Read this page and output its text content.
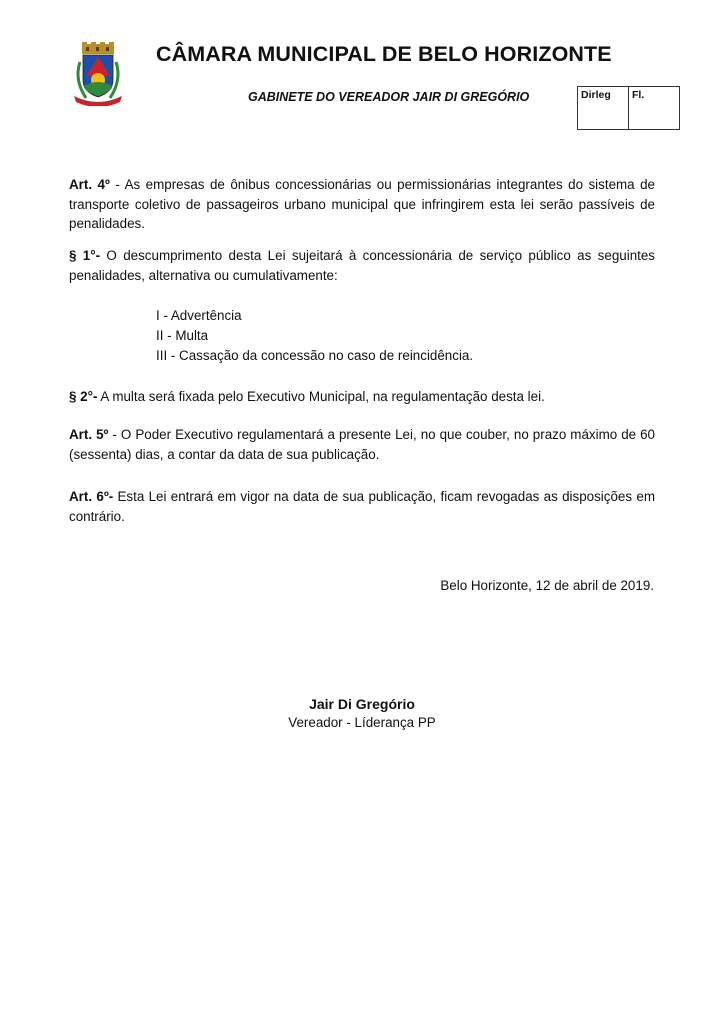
CÂMARA MUNICIPAL DE BELO HORIZONTE
GABINETE DO VEREADOR JAIR DI GREGÓRIO	Dirleg	Fl.
Art. 4º - As empresas de ônibus concessionárias ou permissionárias integrantes do sistema de transporte coletivo de passageiros urbano municipal que infringirem esta lei serão passíveis de penalidades.
§ 1°- O descumprimento desta Lei sujeitará à concessionária de serviço público as seguintes penalidades, alternativa ou cumulativamente:
I - Advertência
II - Multa
III - Cassação da concessão no caso de reincidência.
§ 2°- A multa será fixada pelo Executivo Municipal, na regulamentação desta lei.
Art. 5º - O Poder Executivo regulamentará a presente Lei, no que couber, no prazo máximo de 60 (sessenta) dias, a contar da data de sua publicação.
Art. 6º- Esta Lei entrará em vigor na data de sua publicação, ficam revogadas as disposições em contrário.
Belo Horizonte, 12 de abril de 2019.
Jair Di Gregório
Vereador - Líderança PP
